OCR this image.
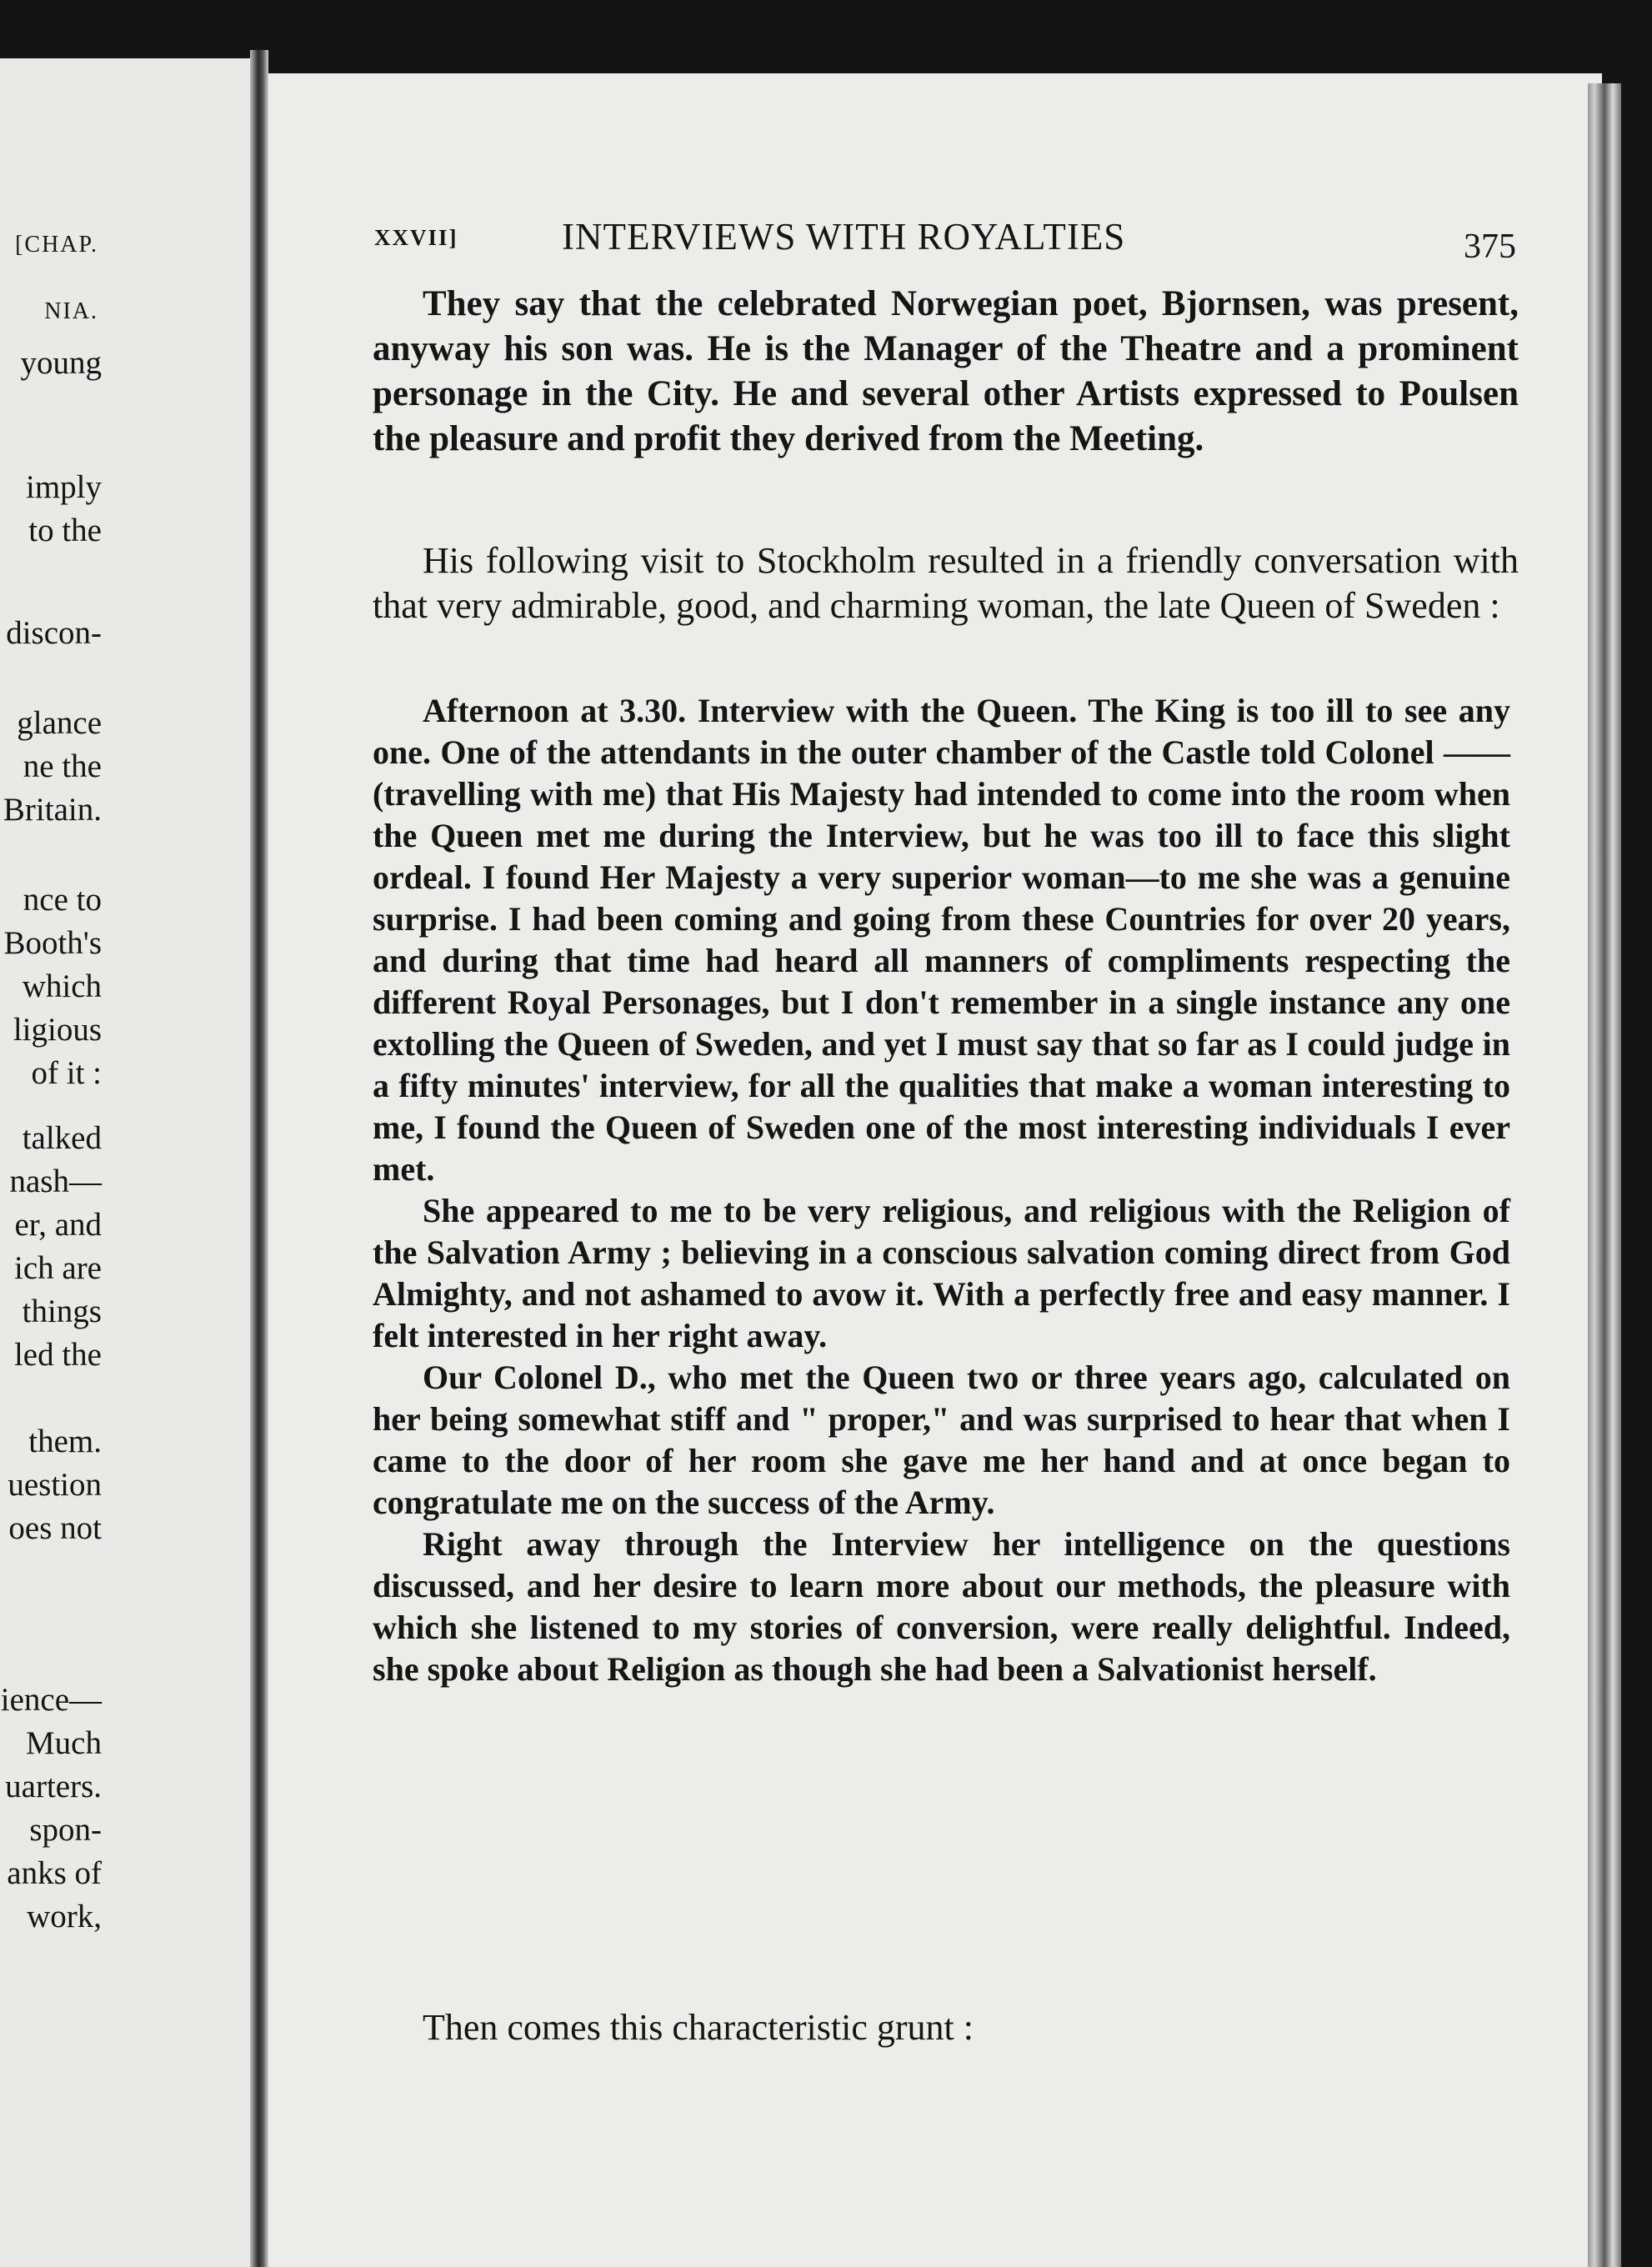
[CHAP.
NIA.
young
imply
to the
discon-
glance
ne the
Britain.
nce to
Booth's
which
ligious
of it :
talked
nash—
er, and
ich are
things
led the
them.
uestion
oes not
ience—
Much
uarters.
spon-
anks of
work,
XXVII]	INTERVIEWS WITH ROYALTIES	375

They say that the celebrated Norwegian poet, Bjornsen, was present, anyway his son was. He is the Manager of the Theatre and a prominent personage in the City. He and several other Artists expressed to Poulsen the pleasure and profit they derived from the Meeting.

His following visit to Stockholm resulted in a friendly conversation with that very admirable, good, and charming woman, the late Queen of Sweden :

Afternoon at 3.30. Interview with the Queen. The King is too ill to see any one. One of the attendants in the outer chamber of the Castle told Colonel —— (travelling with me) that His Majesty had intended to come into the room when the Queen met me during the Interview, but he was too ill to face this slight ordeal. I found Her Majesty a very superior woman—to me she was a genuine surprise. I had been coming and going from these Countries for over 20 years, and during that time had heard all manners of compliments respecting the different Royal Personages, but I don't remember in a single instance any one extolling the Queen of Sweden, and yet I must say that so far as I could judge in a fifty minutes' interview, for all the qualities that make a woman interesting to me, I found the Queen of Sweden one of the most interesting individuals I ever met.

She appeared to me to be very religious, and religious with the Religion of the Salvation Army ; believing in a conscious salvation coming direct from God Almighty, and not ashamed to avow it. With a perfectly free and easy manner. I felt interested in her right away.

Our Colonel D., who met the Queen two or three years ago, calculated on her being somewhat stiff and " proper," and was surprised to hear that when I came to the door of her room she gave me her hand and at once began to congratulate me on the success of the Army.

Right away through the Interview her intelligence on the questions discussed, and her desire to learn more about our methods, the pleasure with which she listened to my stories of conversion, were really delightful. Indeed, she spoke about Religion as though she had been a Salvationist herself.

Then comes this characteristic grunt :
